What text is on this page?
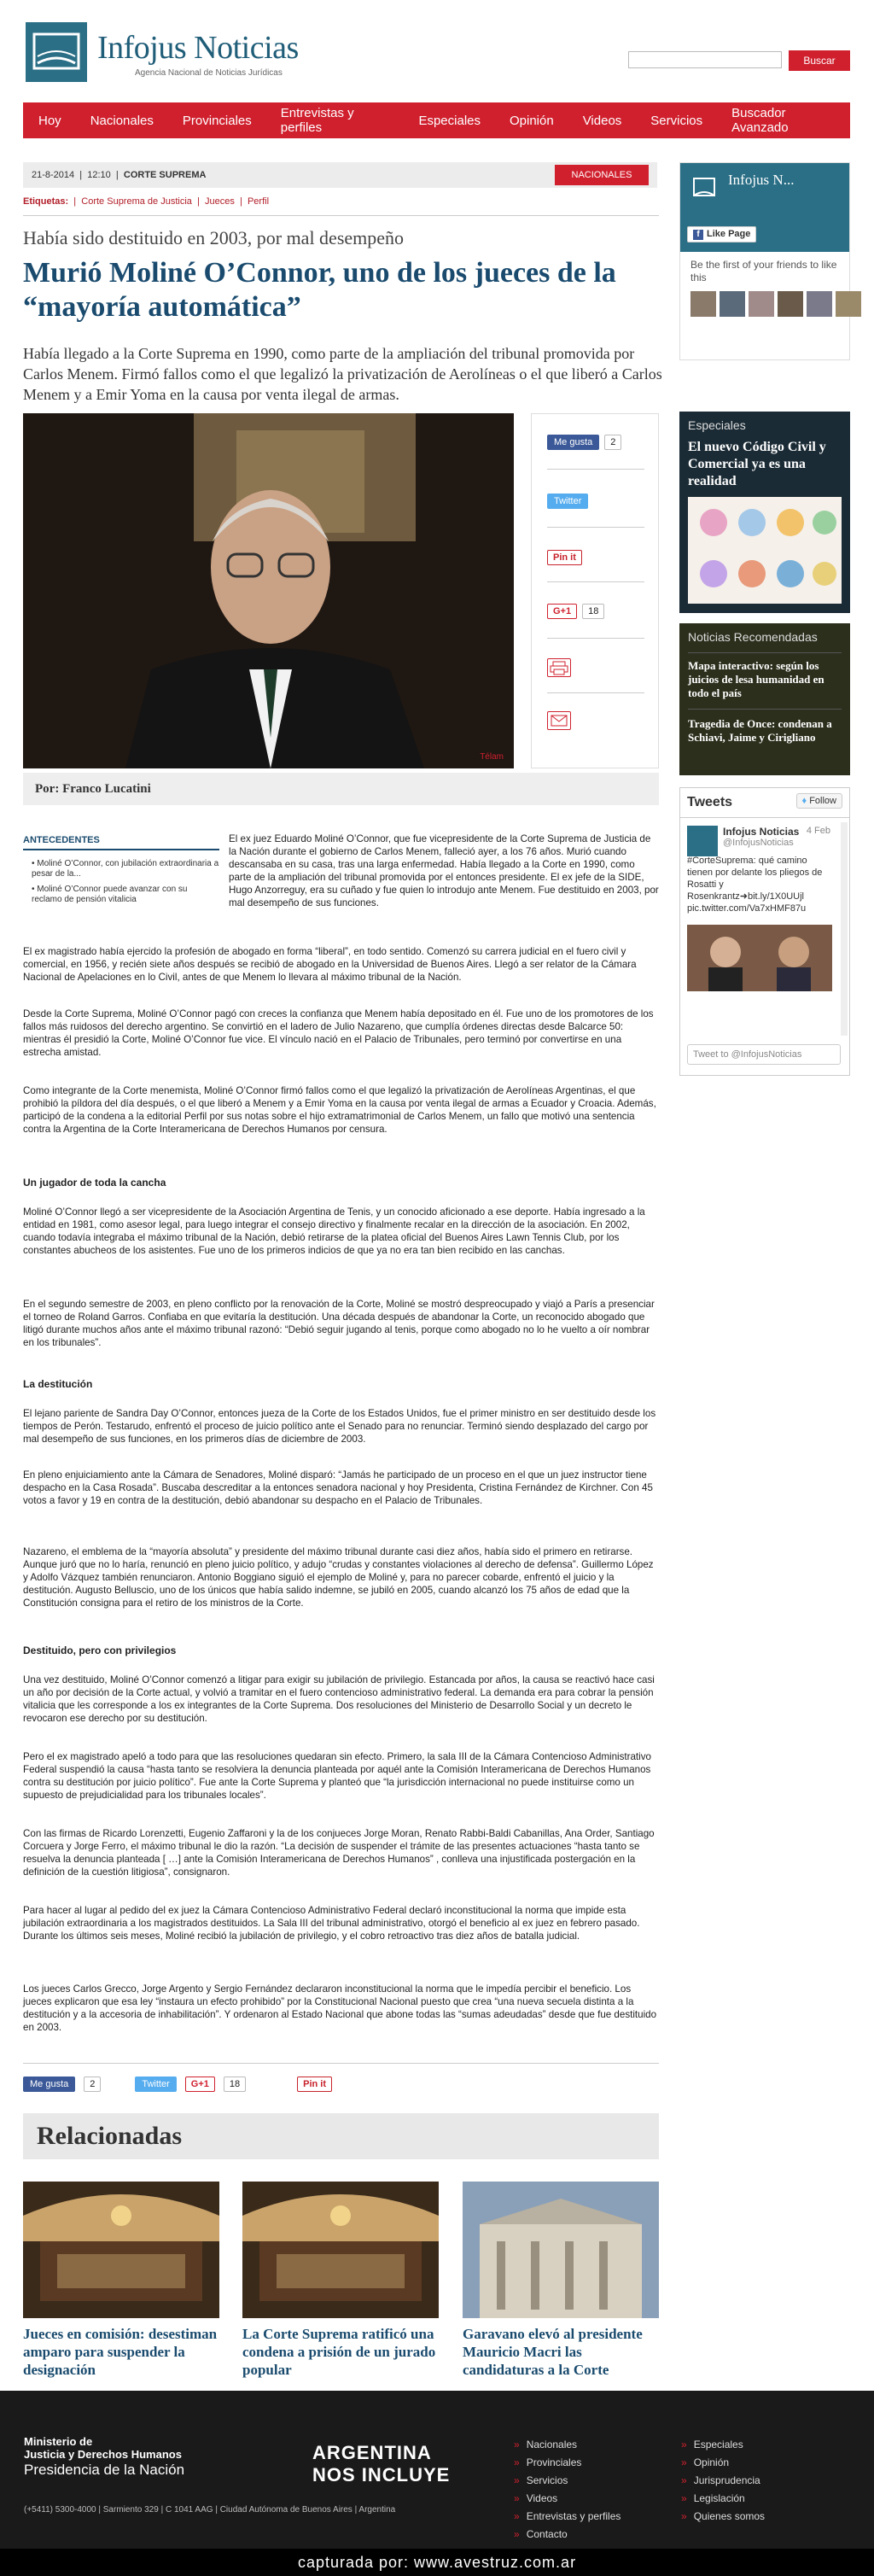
Infojus Noticias
Agencia Nacional de Noticias Jurídicas
Buscar
Hoy Nacionales Provinciales Entrevistas y perfiles	Especiales Opinión Videos Servicios Buscador Avanzado
21-8-2014  |  12:10  |  CORTE SUPREMA	NACIONALES
Etiquetas:  |  Corte Suprema de Justicia  |  Jueces  |  Perfil
Había sido destituido en 2003, por mal desempeño
Murió Moliné O’Connor, uno de los jueces de la “mayoría automática”

Había llegado a la Corte Suprema en 1990, como parte de la ampliación del tribunal promovida por Carlos Menem. Firmó fallos como el que legalizó la privatización de Aerolíneas o el que liberó a Carlos Menem y a Emir Yoma en la causa por venta ilegal de armas.

Télam
Me gusta	2
Twitter
Pin it
G+1	18
Por: Franco Lucatini
Infojus N...
f Like Page
Be the first of your friends to like this
Especiales
El nuevo Código Civil y Comercial ya es una realidad
Noticias Recomendadas
Mapa interactivo: según los juicios de lesa humanidad en todo el país
Tragedia de Once: condenan a Schiavi, Jaime y Cirigliano
Tweets	♦ Follow
Infojus Noticias 4 Feb
@InfojusNoticias
#CorteSuprema: qué camino tienen por delante los pliegos de Rosatti y Rosenkrantz➜bit.ly/1X0UUjl pic.twitter.com/Va7xHMF87u
Tweet to @InfojusNoticias
ANTECEDENTES
• Moliné O’Connor, con jubilación extraordinaria a pesar de la...
• Moliné O’Connor puede avanzar con su reclamo de pensión vitalicia

El ex juez Eduardo Moliné O’Connor, que fue vicepresidente de la Corte Suprema de Justicia de la Nación durante el gobierno de Carlos Menem, falleció ayer, a los 76 años. Murió cuando descansaba en su casa, tras una larga enfermedad. Había llegado a la Corte en 1990, como parte de la ampliación del tribunal promovida por el entonces presidente. El ex jefe de la SIDE, Hugo Anzorreguy, era su cuñado y fue quien lo introdujo ante Menem. Fue destituido en 2003, por mal desempeño de sus funciones.

El ex magistrado había ejercido la profesión de abogado en forma “liberal”, en todo sentido. Comenzó su carrera judicial en el fuero civil y comercial, en 1956, y recién siete años después se recibió de abogado en la Universidad de Buenos Aires. Llegó a ser relator de la Cámara Nacional de Apelaciones en lo Civil, antes de que Menem lo llevara al máximo tribunal de la Nación.

Desde la Corte Suprema, Moliné O’Connor pagó con creces la confianza que Menem había depositado en él. Fue uno de los promotores de los fallos más ruidosos del derecho argentino. Se convirtió en el ladero de Julio Nazareno, que cumplía órdenes directas desde Balcarce 50: mientras él presidió la Corte, Moliné O’Connor fue vice. El vínculo nació en el Palacio de Tribunales, pero terminó por convertirse en una estrecha amistad.

Como integrante de la Corte menemista, Moliné O’Connor firmó fallos como el que legalizó la privatización de Aerolíneas Argentinas, el que prohibió la píldora del día después, o el que liberó a Menem y a Emir Yoma en la causa por venta ilegal de armas a Ecuador y Croacia. Además, participó de la condena a la editorial Perfil por sus notas sobre el hijo extramatrimonial de Carlos Menem, un fallo que motivó una sentencia contra la Argentina de la Corte Interamericana de Derechos Humanos por censura.

Un jugador de toda la cancha

Moliné O’Connor llegó a ser vicepresidente de la Asociación Argentina de Tenis, y un conocido aficionado a ese deporte. Había ingresado a la entidad en 1981, como asesor legal, para luego integrar el consejo directivo y finalmente recalar en la dirección de la asociación. En 2002, cuando todavía integraba el máximo tribunal de la Nación, debió retirarse de la platea oficial del Buenos Aires Lawn Tennis Club, por los constantes abucheos de los asistentes. Fue uno de los primeros indicios de que ya no era tan bien recibido en las canchas.

En el segundo semestre de 2003, en pleno conflicto por la renovación de la Corte, Moliné se mostró despreocupado y viajó a París a presenciar el torneo de Roland Garros. Confiaba en que evitaría la destitución. Una década después de abandonar la Corte, un reconocido abogado que litigó durante muchos años ante el máximo tribunal razonó: “Debió seguir jugando al tenis, porque como abogado no lo he vuelto a oír nombrar en los tribunales”.

La destitución

El lejano pariente de Sandra Day O’Connor, entonces jueza de la Corte de los Estados Unidos, fue el primer ministro en ser destituido desde los tiempos de Perón. Testarudo, enfrentó el proceso de juicio político ante el Senado para no renunciar. Terminó siendo desplazado del cargo por mal desempeño de sus funciones, en los primeros días de diciembre de 2003.

En pleno enjuiciamiento ante la Cámara de Senadores, Moliné disparó: “Jamás he participado de un proceso en el que un juez instructor tiene despacho en la Casa Rosada”. Buscaba descreditar a la entonces senadora nacional y hoy Presidenta, Cristina Fernández de Kirchner. Con 45 votos a favor y 19 en contra de la destitución, debió abandonar su despacho en el Palacio de Tribunales.

Nazareno, el emblema de la “mayoría absoluta” y presidente del máximo tribunal durante casi diez años, había sido el primero en retirarse. Aunque juró que no lo haría, renunció en pleno juicio político, y adujo “crudas y constantes violaciones al derecho de defensa”. Guillermo López y Adolfo Vázquez también renunciaron. Antonio Boggiano siguió el ejemplo de Moliné y, para no parecer cobarde, enfrentó el juicio y la destitución. Augusto Belluscio, uno de los únicos que había salido indemne, se jubiló en 2005, cuando alcanzó los 75 años de edad que la Constitución consigna para el retiro de los ministros de la Corte.

Destituido, pero con privilegios

Una vez destituido, Moliné O’Connor comenzó a litigar para exigir su jubilación de privilegio. Estancada por años, la causa se reactivó hace casi un año por decisión de la Corte actual, y volvió a tramitar en el fuero contencioso administrativo federal. La demanda era para cobrar la pensión vitalicia que les corresponde a los ex integrantes de la Corte Suprema. Dos resoluciones del Ministerio de Desarrollo Social y un decreto le revocaron ese derecho por su destitución.

Pero el ex magistrado apeló a todo para que las resoluciones quedaran sin efecto. Primero, la sala III de la Cámara Contencioso Administrativo Federal suspendió la causa “hasta tanto se resolviera la denuncia planteada por aquél ante la Comisión Interamericana de Derechos Humanos contra su destitución por juicio político”. Fue ante la Corte Suprema y planteó que “la jurisdicción internacional no puede instituirse como un supuesto de prejudicialidad para los tribunales locales”.

Con las firmas de Ricardo Lorenzetti, Eugenio Zaffaroni y la de los conjueces Jorge Moran, Renato Rabbi-Baldi Cabanillas, Ana Order, Santiago Corcuera y Jorge Ferro, el máximo tribunal le dio la razón. “La decisión de suspender el trámite de las presentes actuaciones “hasta tanto se resuelva la denuncia planteada [ …] ante la Comisión Interamericana de Derechos Humanos” , conlleva una injustificada postergación en la definición de la cuestión litigiosa”, consignaron.

Para hacer al lugar al pedido del ex juez la Cámara Contencioso Administrativo Federal declaró inconstitucional la norma que impide esta jubilación extraordinaria a los magistrados destituidos. La Sala III del tribunal administrativo, otorgó el beneficio al ex juez en febrero pasado. Durante los últimos seis meses, Moliné recibió la jubilación de privilegio, y el cobro retroactivo tras diez años de batalla judicial.

Los jueces Carlos Grecco, Jorge Argento y Sergio Fernández declararon inconstitucional la norma que le impedía percibir el beneficio. Los jueces explicaron que esa ley “instaura un efecto prohibido” por la Constitucional Nacional puesto que crea “una nueva secuela distinta a la destitución y a la accesoria de inhabilitación”. Y ordenaron al Estado Nacional que abone todas las “sumas adeudadas” desde que fue destituido en 2003.

Me gusta	2	Twitter	G+1	18	Pin it
Relacionadas
Jueces en comisión: desestiman amparo para suspender la designación
La Corte Suprema ratificó una condena a prisión de un jurado popular
Garavano elevó al presidente Mauricio Macri las candidaturas a la Corte
Ministerio de
Justicia y Derechos Humanos
Presidencia de la Nación
ARGENTINA
NOS INCLUYE
(+5411) 5300-4000 | Sarmiento 329 | C 1041 AAG | Ciudad Autónoma de Buenos Aires | Argentina
» Nacionales
» Provinciales
» Servicios
» Videos
» Entrevistas y perfiles
» Contacto
» Especiales
» Opinión
» Jurisprudencia
» Legislación
» Quienes somos
capturada por: www.avestruz.com.ar
